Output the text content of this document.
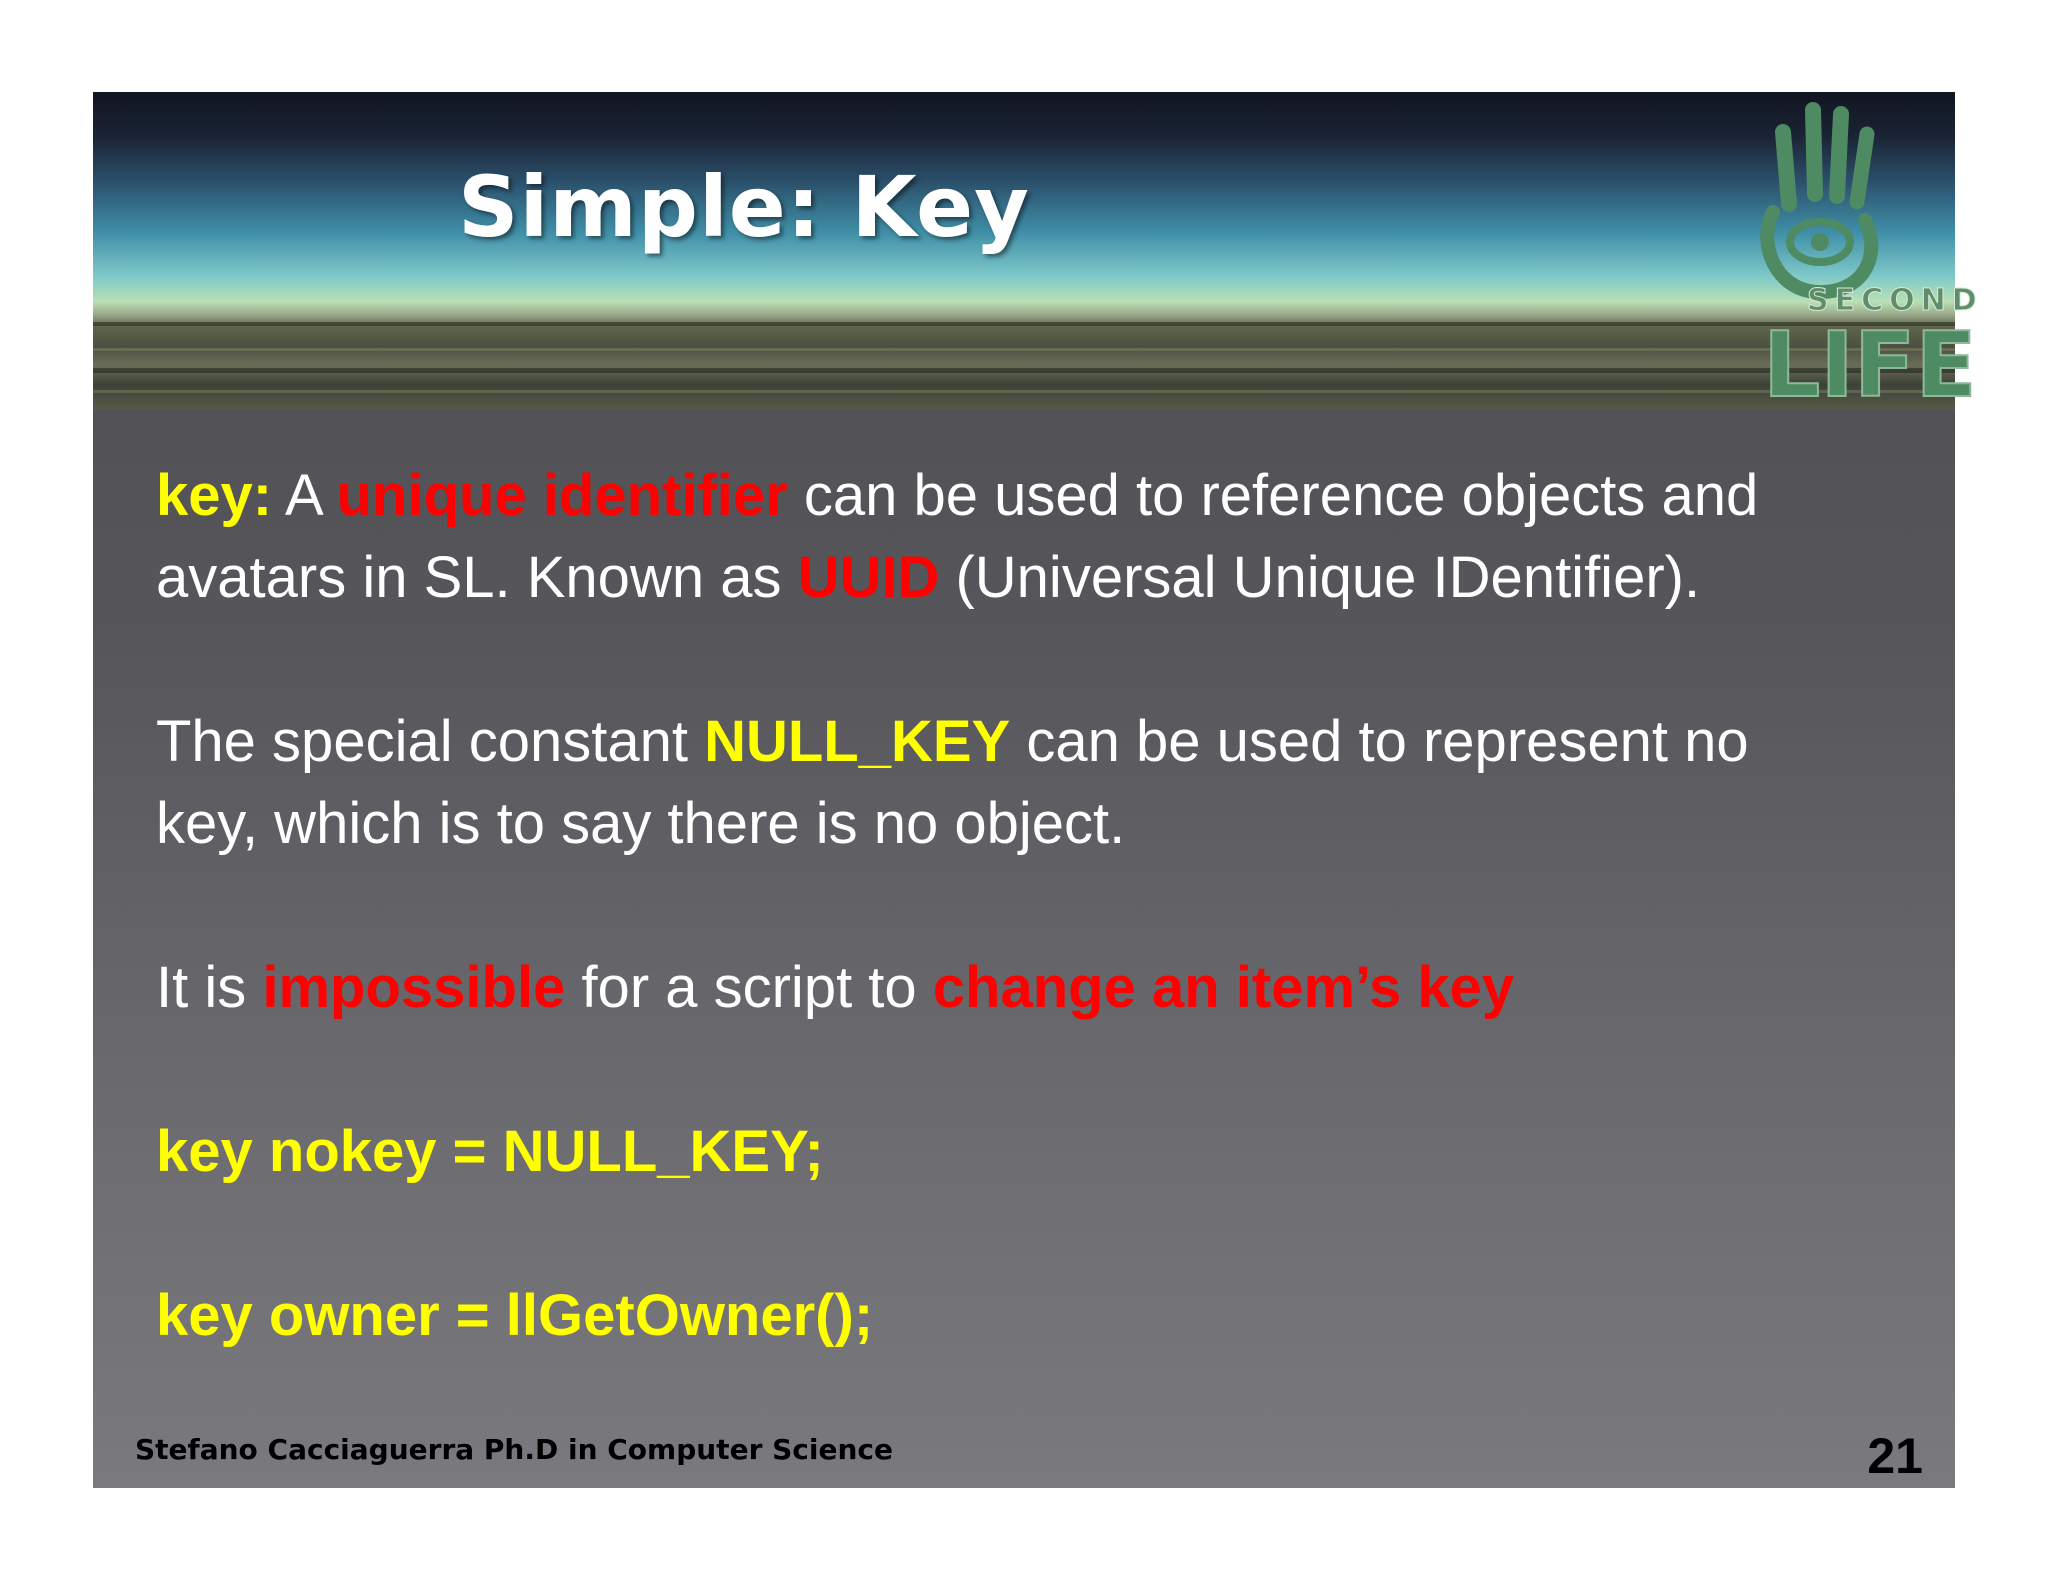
Simple: Key
SECOND
LIFE

key: A unique identifier can be used to reference objects and
avatars in SL. Known as UUID (Universal Unique IDentifier).

The special constant NULL_KEY can be used to represent no
key, which is to say there is no object.

It is impossible for a script to change an item’s key

key nokey = NULL_KEY;

key owner = llGetOwner();

Stefano Cacciaguerra Ph.D in Computer Science	21
